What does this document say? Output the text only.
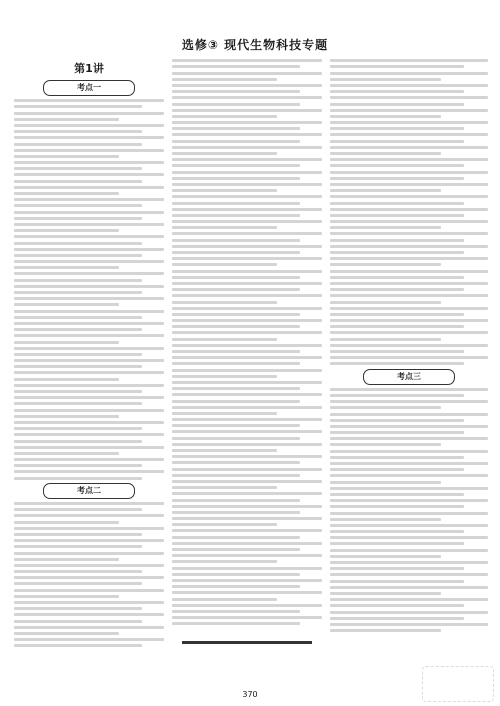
选修③ 现代生物科技专题
第1讲
考点一
考点二
考点三
370
